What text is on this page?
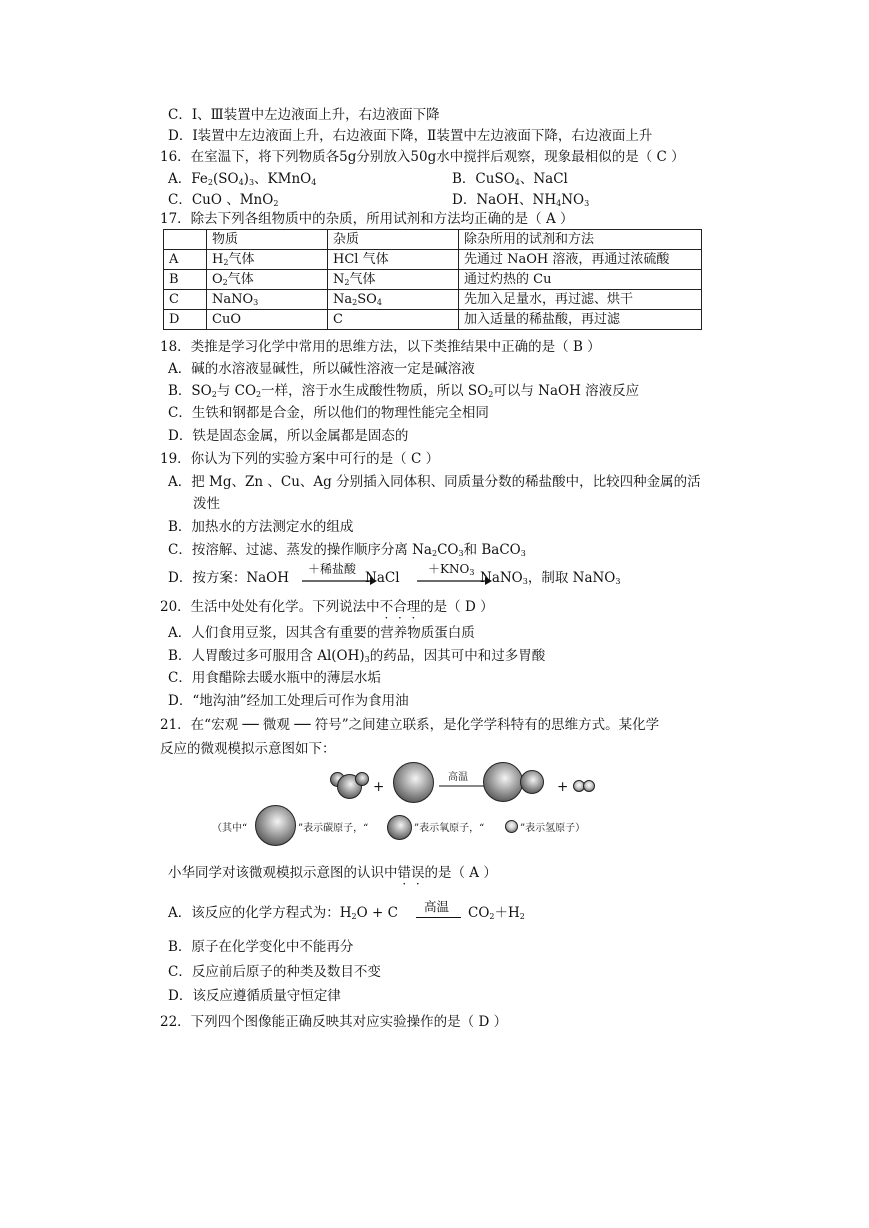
C．Ⅰ、Ⅲ装置中左边液面上升，右边液面下降
D．Ⅰ装置中左边液面上升，右边液面下降，Ⅱ装置中左边液面下降，右边液面上升
16．在室温下，将下列物质各5g分别放入50g水中搅拌后观察，现象最相似的是（ C ）
A．$Fe_2(SO_4)_3$、KMnO$_4$	B．CuSO$_4$、NaCl
C．CuO 、MnO$_2$	D．NaOH、$NH_4NO_3$
17．除去下列各组物质中的杂质，所用试剂和方法均正确的是（ A ）
	物质	杂质	除杂所用的试剂和方法
A	$H_2$气体	HCl 气体	先通过 NaOH 溶液，再通过浓硫酸
B	$O_2$气体	$N_2$气体	通过灼热的 Cu
C	NaNO$_3$	$Na_2SO_4$	先加入足量水，再过滤、烘干
D	CuO	C	加入适量的稀盐酸，再过滤
18．类推是学习化学中常用的思维方法，以下类推结果中正确的是（ B ）
A．碱的水溶液显碱性，所以碱性溶液一定是碱溶液
B．$SO_2$与 $CO_2$一样，溶于水生成酸性物质，所以 $SO_2$可以与 NaOH 溶液反应
C．生铁和钢都是合金，所以他们的物理性能完全相同
D．铁是固态金属，所以金属都是固态的
19．你认为下列的实验方案中可行的是（ C ）
A．把 Mg、Zn 、Cu、Ag 分别插入同体积、同质量分数的稀盐酸中，比较四种金属的活
泼性
B．加热水的方法测定水的组成
C．按溶解、过滤、蒸发的操作顺序分离 $Na_2CO_3$和 BaCO$_3$
D．按方案：NaOH
＋稀盐酸
NaCl
$+KNO_3$ NaNO$_3$，制取 NaNO$_3$
20．生活中处处有化学。下列说法中不合理的是（ D ）
A．人们食用豆浆，因其含有重要的营养物质蛋白质
B．人胃酸过多可服用含 $Al(OH)_3$的药品，因其可中和过多胃酸
C．用食醋除去暖水瓶中的薄层水垢
D．“地沟油”经加工处理后可作为食用油
21．在“宏观 ── 微观 ── 符号”之间建立联系，是化学学科特有的思维方式。某化学
反应的微观模拟示意图如下：
+
高温
+
（其中“	”表示碳原子，“	”表示氧原子，“	”表示氢原子）
小华同学对该微观模拟示意图的认识中错误的是（ A ）
A．该反应的化学方程式为：$H_2O + C$ 高温 $CO_2+H_2$
B．原子在化学变化中不能再分
C．反应前后原子的种类及数目不变
D．该反应遵循质量守恒定律
22．下列四个图像能正确反映其对应实验操作的是（ D ）
